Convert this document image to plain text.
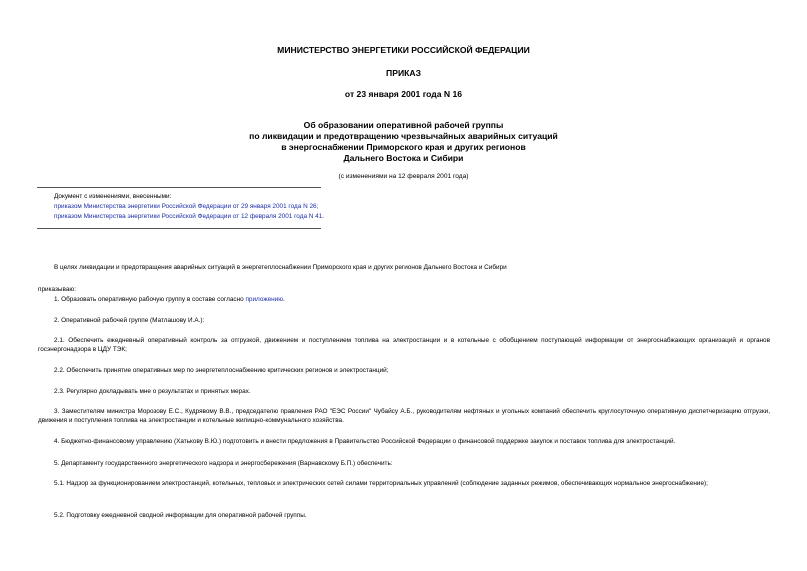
МИНИСТЕРСТВО ЭНЕРГЕТИКИ РОССИЙСКОЙ ФЕДЕРАЦИИ
ПРИКАЗ
от 23 января 2001 года N 16
Об образовании оперативной рабочей группы
по ликвидации и предотвращению чрезвычайных аварийных ситуаций
в энергоснабжении Приморского края и других регионов
Дальнего Востока и Сибири
(с изменениями на 12 февраля 2001 года)
Документ с изменениями, внесенными:
приказом Министерства энергетики Российской Федерации от 29 января 2001 года N 26;
приказом Министерства энергетики Российской Федерации от 12 февраля 2001 года N 41.
В целях ликвидации и предотвращения аварийных ситуаций в энергетеплоснабжении Приморского края и других регионов Дальнего Востока и Сибири
приказываю:
1. Образовать оперативную рабочую группу в составе согласно приложению.
2. Оперативной рабочей группе (Матлашову И.А.):
2.1. Обеспечить ежедневный оперативный контроль за отгрузкой, движением и поступлением топлива на электростанции и в котельные с обобщением поступающей информации от энергоснабжающих организаций и органов госэнергонадзора в ЦДУ ТЭК;
2.2. Обеспечить принятие оперативных мер по энергетеплоснабжению критических регионов и электростанций;
2.3. Регулярно докладывать мне о результатах и принятых мерах.
3. Заместителям министра Морозову Е.С., Кудрявому В.В., председателю правления РАО "ЕЭС России" Чубайсу А.Б., руководителям нефтяных и угольных компаний обеспечить круглосуточную оперативную диспетчеризацию отгрузки, движения и поступления топлива на электростанции и котельные жилищно-коммунального хозяйства.
4. Бюджетно-финансовому управлению (Хатькову В.Ю.) подготовить и внести предложения в Правительство Российской Федерации о финансовой поддержке закупок и поставок топлива для электростанций.
5. Департаменту государственного энергетического надзора и энергосбережения (Варнавскому Б.П.) обеспечить:
5.1. Надзор за функционированием электростанций, котельных, тепловых и электрических сетей силами территориальных управлений (соблюдение заданных режимов, обеспечивающих нормальное энергоснабжение);
5.2. Подготовку ежедневной сводной информации для оперативной рабочей группы.
